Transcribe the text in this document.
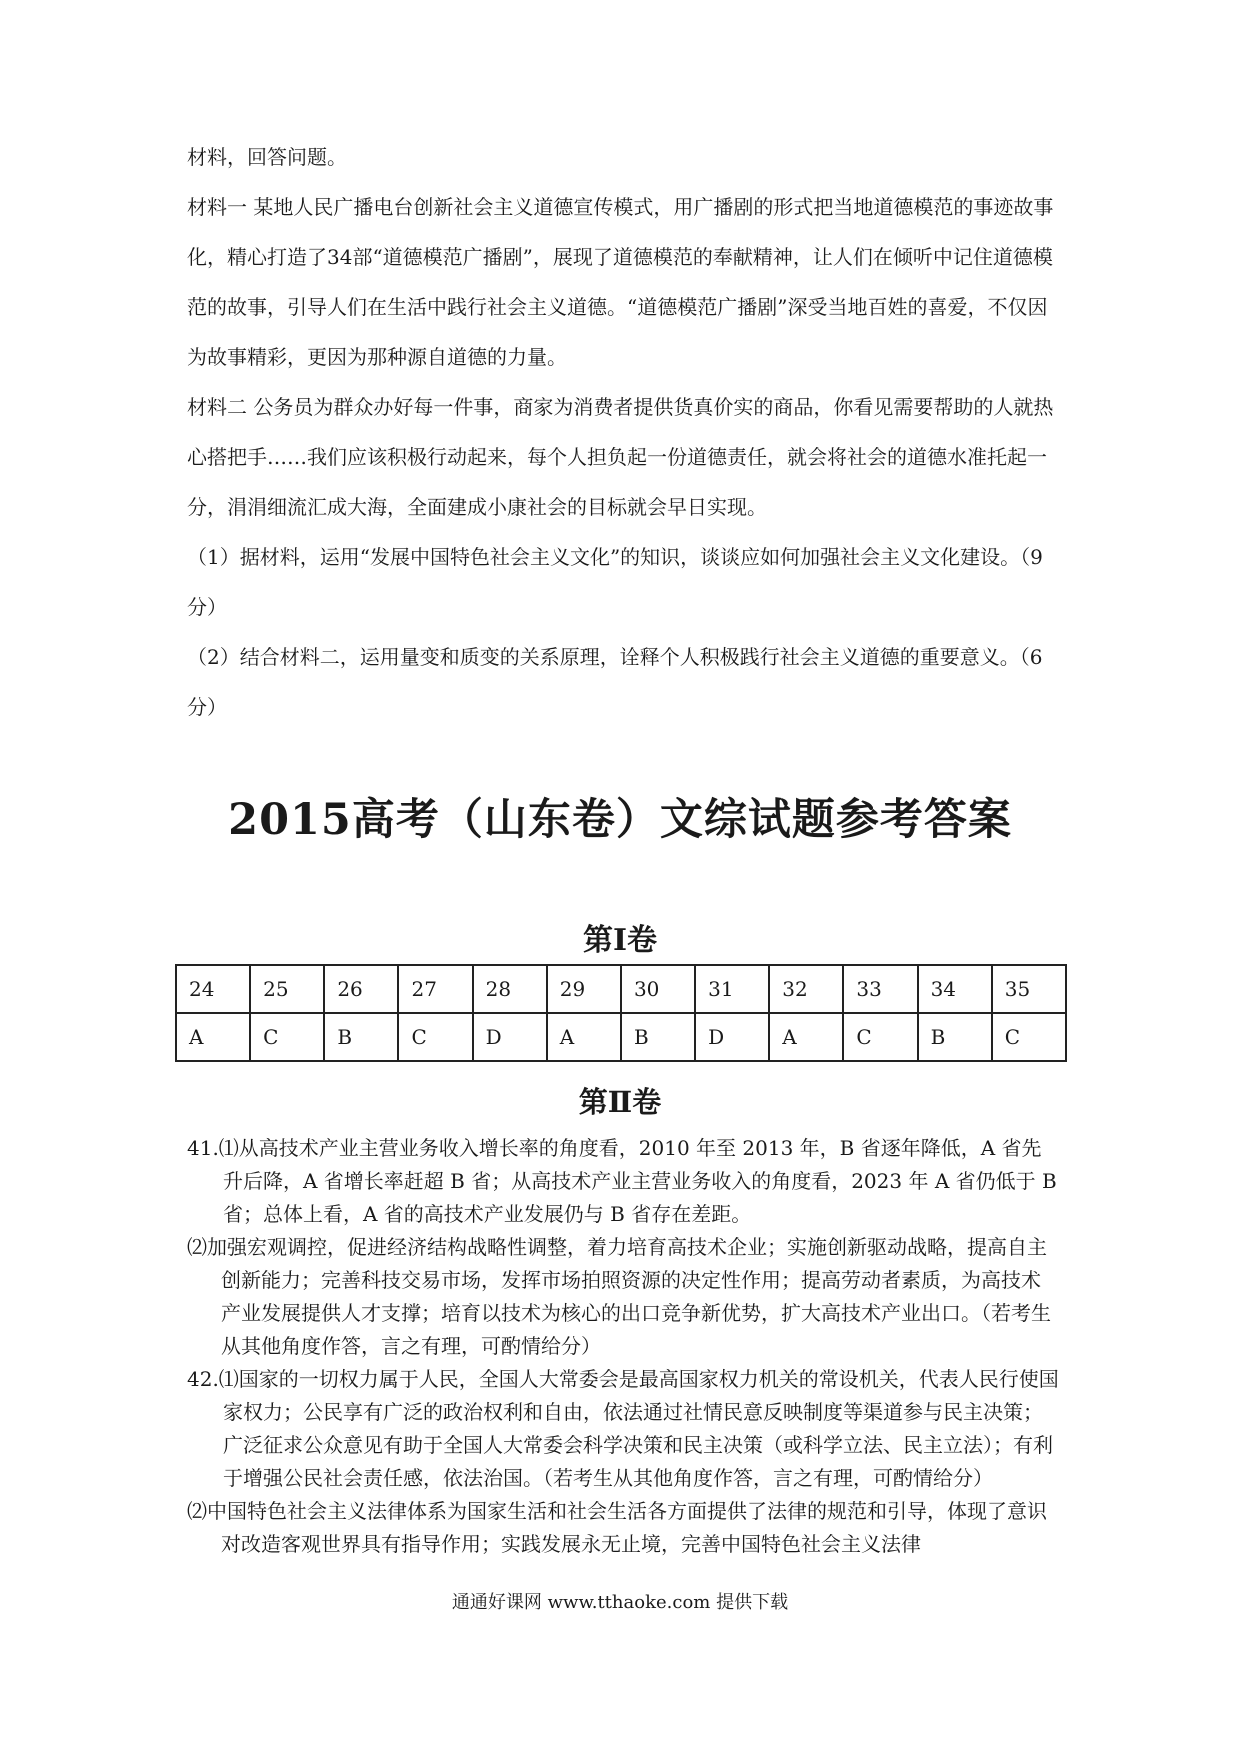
材料，回答问题。

材料一 某地人民广播电台创新社会主义道德宣传模式，用广播剧的形式把当地道德模范的事迹故事化，精心打造了34部“道德模范广播剧”，展现了道德模范的奉献精神，让人们在倾听中记住道德模范的故事，引导人们在生活中践行社会主义道德。“道德模范广播剧”深受当地百姓的喜爱，不仅因为故事精彩，更因为那种源自道德的力量。

材料二 公务员为群众办好每一件事，商家为消费者提供货真价实的商品，你看见需要帮助的人就热心搭把手……我们应该积极行动起来，每个人担负起一份道德责任，就会将社会的道德水准托起一分，涓涓细流汇成大海，全面建成小康社会的目标就会早日实现。

（1）据材料，运用“发展中国特色社会主义文化”的知识，谈谈应如何加强社会主义文化建设。（9分）

（2）结合材料二，运用量变和质变的关系原理，诠释个人积极践行社会主义道德的重要意义。（6分）

2015高考（山东卷）文综试题参考答案
第Ⅰ卷
24	25	26	27	28	29	30	31	32	33	34	35
A	C	B	C	D	A	B	D	A	C	B	C
第Ⅱ卷

41.⑴从高技术产业主营业务收入增长率的角度看，2010 年至 2013 年，B 省逐年降低，A 省先升后降，A 省增长率赶超 B 省；从高技术产业主营业务收入的角度看，2023 年 A 省仍低于 B 省；总体上看，A 省的高技术产业发展仍与 B 省存在差距。

⑵加强宏观调控，促进经济结构战略性调整，着力培育高技术企业；实施创新驱动战略，提高自主创新能力；完善科技交易市场，发挥市场拍照资源的决定性作用；提高劳动者素质，为高技术产业发展提供人才支撑；培育以技术为核心的出口竞争新优势，扩大高技术产业出口。（若考生从其他角度作答，言之有理，可酌情给分）

42.⑴国家的一切权力属于人民，全国人大常委会是最高国家权力机关的常设机关，代表人民行使国家权力；公民享有广泛的政治权利和自由，依法通过社情民意反映制度等渠道参与民主决策；广泛征求公众意见有助于全国人大常委会科学决策和民主决策（或科学立法、民主立法）；有利于增强公民社会责任感，依法治国。（若考生从其他角度作答，言之有理，可酌情给分）

⑵中国特色社会主义法律体系为国家生活和社会生活各方面提供了法律的规范和引导，体现了意识对改造客观世界具有指导作用；实践发展永无止境，完善中国特色社会主义法律

通通好课网 www.tthaoke.com 提供下载
